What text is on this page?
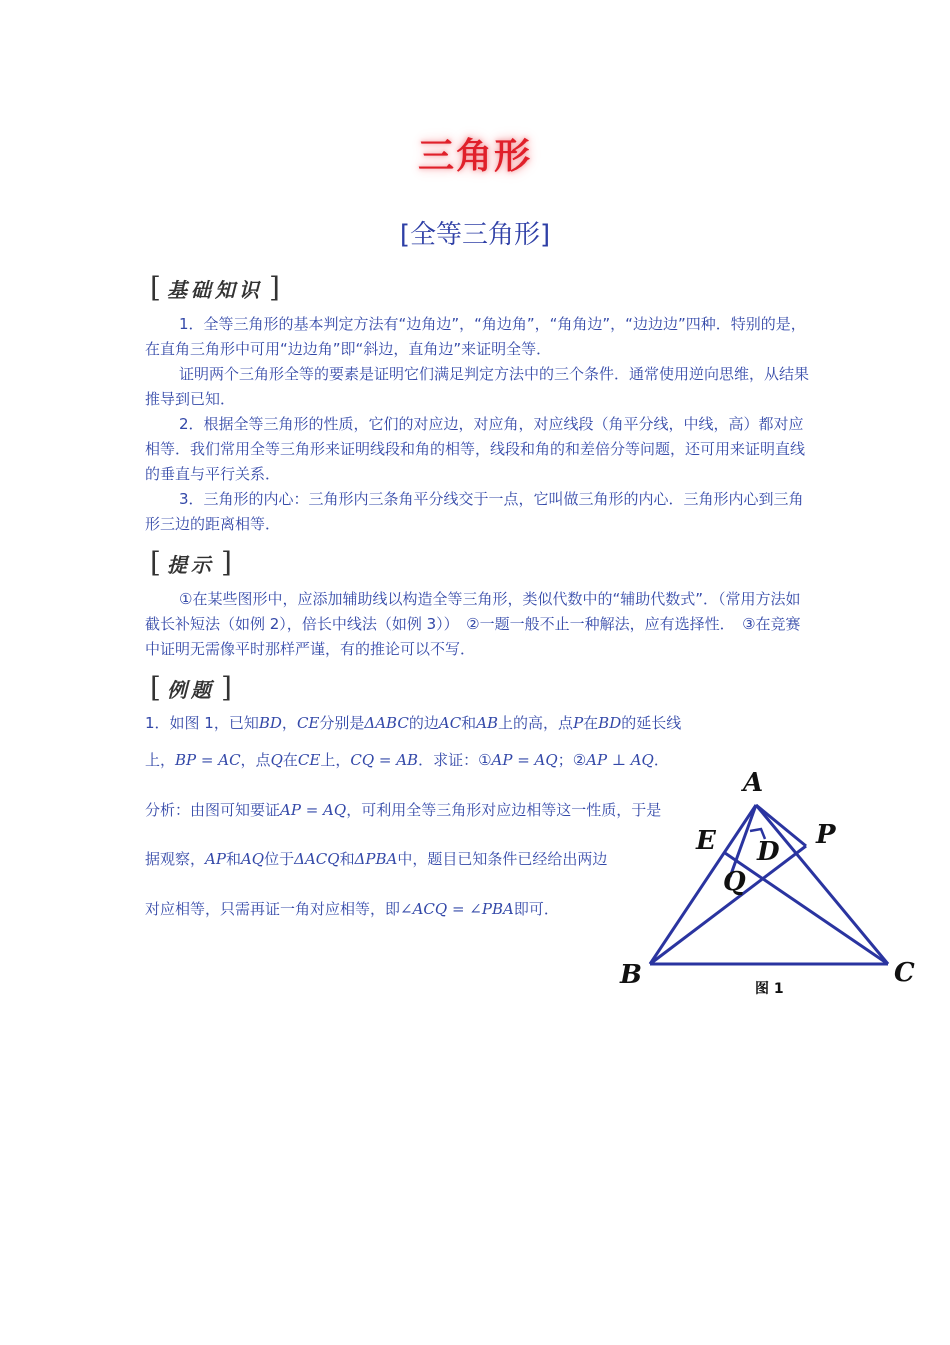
三角形
[全等三角形]
[ 基础知识 ]

1．全等三角形的基本判定方法有“边角边”，“角边角”，“角角边”，“边边边”四种．特别的是，在直角三角形中可用“边边角”即“斜边，直角边”来证明全等．

证明两个三角形全等的要素是证明它们满足判定方法中的三个条件．通常使用逆向思维，从结果推导到已知．

2．根据全等三角形的性质，它们的对应边，对应角，对应线段（角平分线，中线，高）都对应相等．我们常用全等三角形来证明线段和角的相等，线段和角的和差倍分等问题，还可用来证明直线的垂直与平行关系．

3．三角形的内心：三角形内三条角平分线交于一点，它叫做三角形的内心．三角形内心到三角形三边的距离相等．

[ 提示 ]

①在某些图形中，应添加辅助线以构造全等三角形，类似代数中的“辅助代数式”．（常用方法如截长补短法（如例 2），倍长中线法（如例 3））　②一题一般不止一种解法，应有选择性．　③在竞赛中证明无需像平时那样严谨，有的推论可以不写．

[ 例题 ]

1．如图 1，已知BD，CE分别是ΔABC的边AC和AB上的高，点P在BD的延长线

上，BP = AC，点Q在CE上，CQ = AB．求证：①AP = AQ；②AP ⊥ AQ．

分析：由图可知要证AP = AQ，可利用全等三角形对应边相等这一性质，于是

据观察，AP和AQ位于ΔACQ和ΔPBA中，题目已知条件已经给出两边

对应相等，只需再证一角对应相等，即∠ACQ = ∠PBA即可．

A
B	C
D
E	P
Q
图 1
